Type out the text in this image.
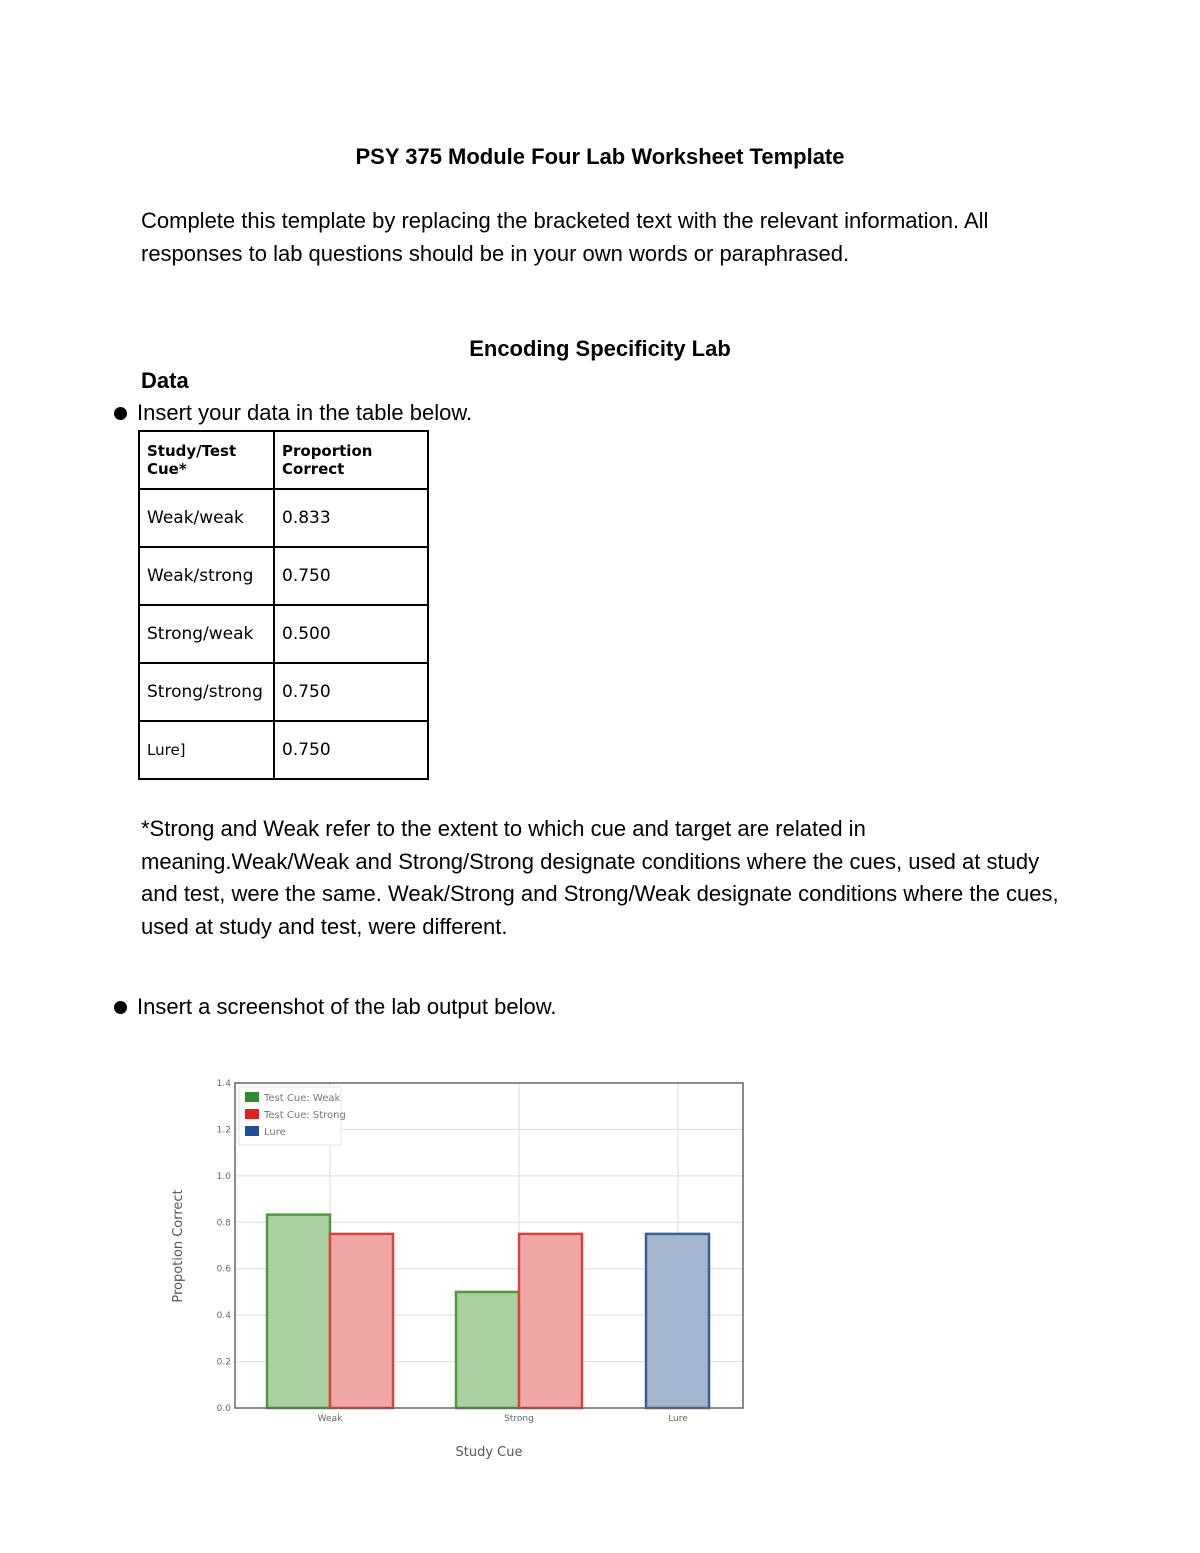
PSY 375 Module Four Lab Worksheet Template
Complete this template by replacing the bracketed text with the relevant information. All responses to lab questions should be in your own words or paraphrased.
Encoding Specificity Lab
Data
Insert your data in the table below.
Study/Test Cue*	Proportion Correct
Weak/weak	0.833
Weak/strong	0.750
Strong/weak	0.500
Strong/strong	0.750
Lure]	0.750
*Strong and Weak refer to the extent to which cue and target are related in meaning.Weak/Weak and Strong/Strong designate conditions where the cues, used at study and test, were the same. Weak/Strong and Strong/Weak designate conditions where the cues, used at study and test, were different.
Insert a screenshot of the lab output below.
0.0
0.2
0.4
0.6
0.8
1.0
1.2
1.4
Weak	Strong	Lure
Test Cue: Weak
Test Cue: Strong
Lure
Study Cue
Propotion Correct
